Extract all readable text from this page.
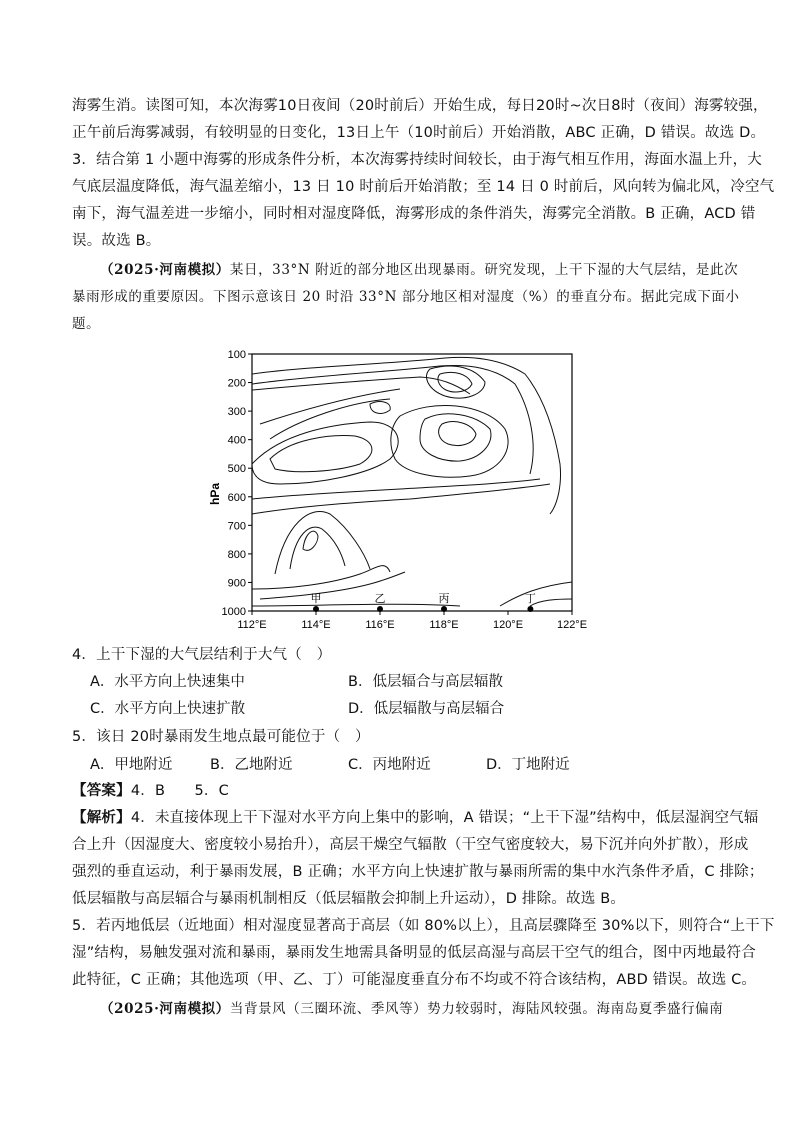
海雾生消。读图可知，本次海雾10日夜间（20时前后）开始生成，每日20时~次日8时（夜间）海雾较强，
正午前后海雾减弱，有较明显的日变化，13日上午（10时前后）开始消散，ABC 正确，D 错误。故选 D。
3．结合第 1 小题中海雾的形成条件分析，本次海雾持续时间较长，由于海气相互作用，海面水温上升，大
气底层温度降低，海气温差缩小，13 日 10 时前后开始消散；至 14 日 0 时前后，风向转为偏北风，冷空气
南下，海气温差进一步缩小，同时相对湿度降低，海雾形成的条件消失，海雾完全消散。B 正确，ACD 错
误。故选 B。
（2025·河南模拟）某日，33°N 附近的部分地区出现暴雨。研究发现，上干下湿的大气层结，是此次
暴雨形成的重要原因。下图示意该日 20 时沿 33°N 部分地区相对湿度（%）的垂直分布。据此完成下面小
题。
100
200
300
400
500
600
700
800
900
1000
112°E	114°E	116°E	118°E	120°E	122°E
hPa
甲	乙	丙	丁
4．上干下湿的大气层结利于大气（　）
A．水平方向上快速集中	B．低层辐合与高层辐散
C．水平方向上快速扩散	D．低层辐散与高层辐合
5．该日 20时暴雨发生地点最可能位于（　）
A．甲地附近	B．乙地附近	C．丙地附近	D．丁地附近
【答案】4．B　　5．C
【解析】4．未直接体现上干下湿对水平方向上集中的影响，A 错误；“上干下湿”结构中，低层湿润空气辐
合上升（因湿度大、密度较小易抬升），高层干燥空气辐散（干空气密度较大，易下沉并向外扩散），形成
强烈的垂直运动，利于暴雨发展，B 正确；水平方向上快速扩散与暴雨所需的集中水汽条件矛盾，C 排除；
低层辐散与高层辐合与暴雨机制相反（低层辐散会抑制上升运动），D 排除。故选 B。
5．若丙地低层（近地面）相对湿度显著高于高层（如 80%以上），且高层骤降至 30%以下，则符合“上干下
湿”结构，易触发强对流和暴雨，暴雨发生地需具备明显的低层高湿与高层干空气的组合，图中丙地最符合
此特征，C 正确；其他选项（甲、乙、丁）可能湿度垂直分布不均或不符合该结构，ABD 错误。故选 C。
（2025·河南模拟）当背景风（三圈环流、季风等）势力较弱时，海陆风较强。海南岛夏季盛行偏南
